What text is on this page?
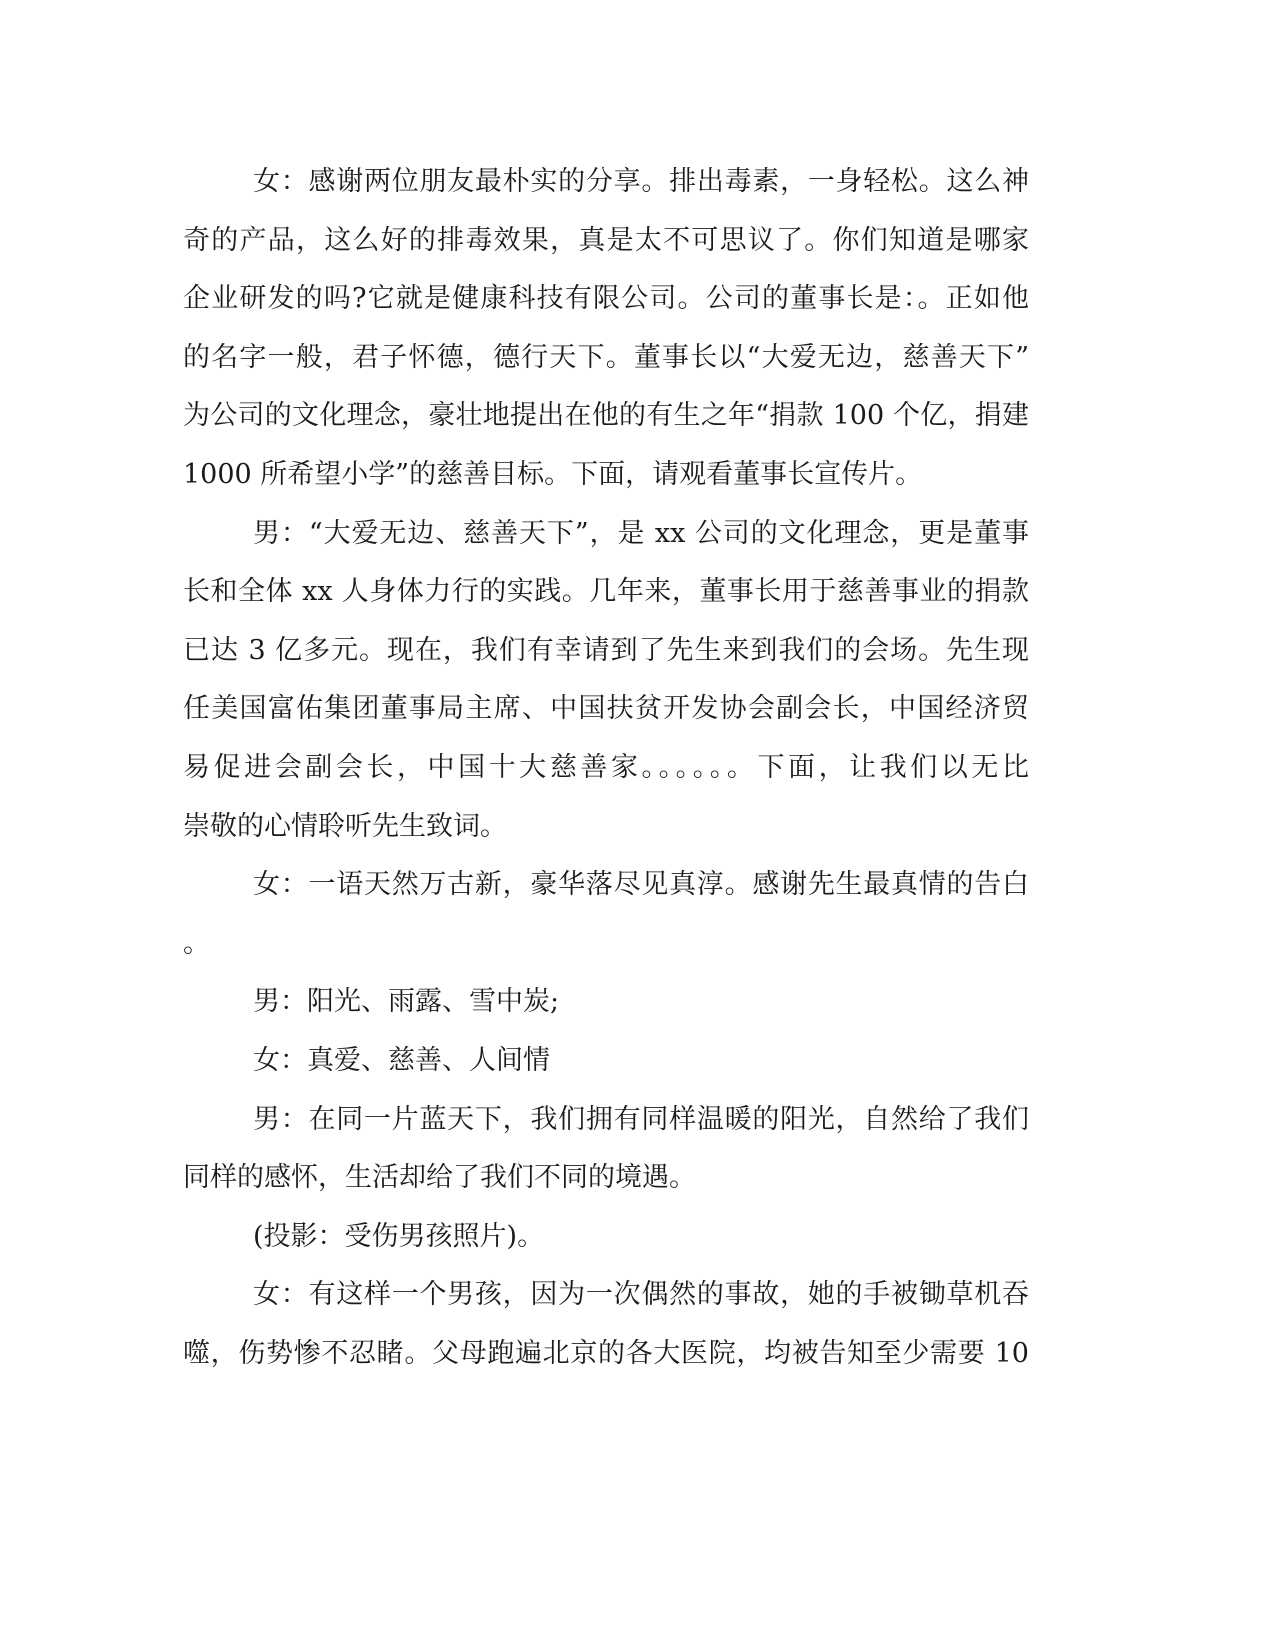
女：感谢两位朋友最朴实的分享。排出毒素，一身轻松。这么神
奇的产品，这么好的排毒效果，真是太不可思议了。你们知道是哪家
企业研发的吗?它就是健康科技有限公司。公司的董事长是：。正如他
的名字一般，君子怀德，德行天下。董事长以“大爱无边，慈善天下”
为公司的文化理念，豪壮地提出在他的有生之年“捐款 100 个亿，捐建
1000 所希望小学”的慈善目标。下面，请观看董事长宣传片。
男：“大爱无边、慈善天下”，是 xx 公司的文化理念，更是董事
长和全体 xx 人身体力行的实践。几年来，董事长用于慈善事业的捐款
已达 3 亿多元。现在，我们有幸请到了先生来到我们的会场。先生现
任美国富佑集团董事局主席、中国扶贫开发协会副会长，中国经济贸
易促进会副会长，中国十大慈善家。。。。。。下面，让我们以无比
崇敬的心情聆听先生致词。
女：一语天然万古新，豪华落尽见真淳。感谢先生最真情的告白
。
男：阳光、雨露、雪中炭;
女：真爱、慈善、人间情
男：在同一片蓝天下，我们拥有同样温暖的阳光，自然给了我们
同样的感怀，生活却给了我们不同的境遇。
(投影：受伤男孩照片)。
女：有这样一个男孩，因为一次偶然的事故，她的手被锄草机吞
噬，伤势惨不忍睹。父母跑遍北京的各大医院，均被告知至少需要 10
